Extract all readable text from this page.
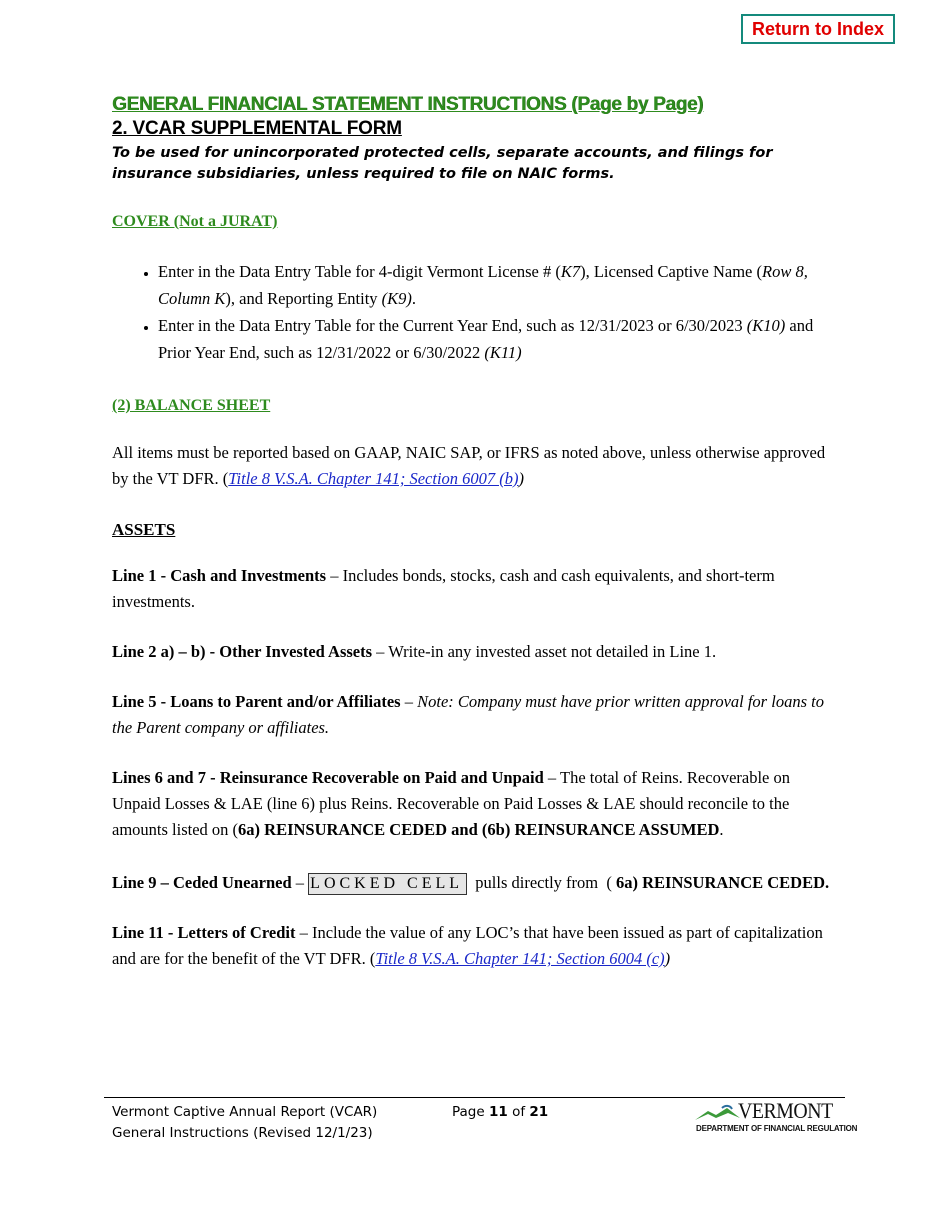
Return to Index
GENERAL FINANCIAL STATEMENT INSTRUCTIONS (Page by Page)
2. VCAR SUPPLEMENTAL FORM
To be used for unincorporated protected cells, separate accounts, and filings for insurance subsidiaries, unless required to file on NAIC forms.
COVER (Not a JURAT)
• Enter in the Data Entry Table for 4-digit Vermont License # (K7), Licensed Captive Name (Row 8, Column K), and Reporting Entity (K9).
• Enter in the Data Entry Table for the Current Year End, such as 12/31/2023 or 6/30/2023 (K10) and Prior Year End, such as 12/31/2022 or 6/30/2022 (K11)
(2) BALANCE SHEET

All items must be reported based on GAAP, NAIC SAP, or IFRS as noted above, unless otherwise approved by the VT DFR. (Title 8 V.S.A. Chapter 141; Section 6007 (b))

ASSETS

Line 1 - Cash and Investments – Includes bonds, stocks, cash and cash equivalents, and short-term investments.

Line 2 a) – b) - Other Invested Assets – Write-in any invested asset not detailed in Line 1.

Line 5 - Loans to Parent and/or Affiliates – Note: Company must have prior written approval for loans to the Parent company or affiliates.

Lines 6 and 7 - Reinsurance Recoverable on Paid and Unpaid – The total of Reins. Recoverable on Unpaid Losses & LAE (line 6) plus Reins. Recoverable on Paid Losses & LAE should reconcile to the amounts listed on (6a) REINSURANCE CEDED and (6b) REINSURANCE ASSUMED.

Line 9 – Ceded Unearned – LOCKED CELL  pulls directly from  ( 6a) REINSURANCE CEDED.

Line 11 - Letters of Credit – Include the value of any LOC’s that have been issued as part of capitalization and are for the benefit of the VT DFR. (Title 8 V.S.A. Chapter 141; Section 6004 (c))

Vermont Captive Annual Report (VCAR)
General Instructions (Revised 12/1/23)
Page 11 of 21	VERMONT
DEPARTMENT OF FINANCIAL REGULATION
